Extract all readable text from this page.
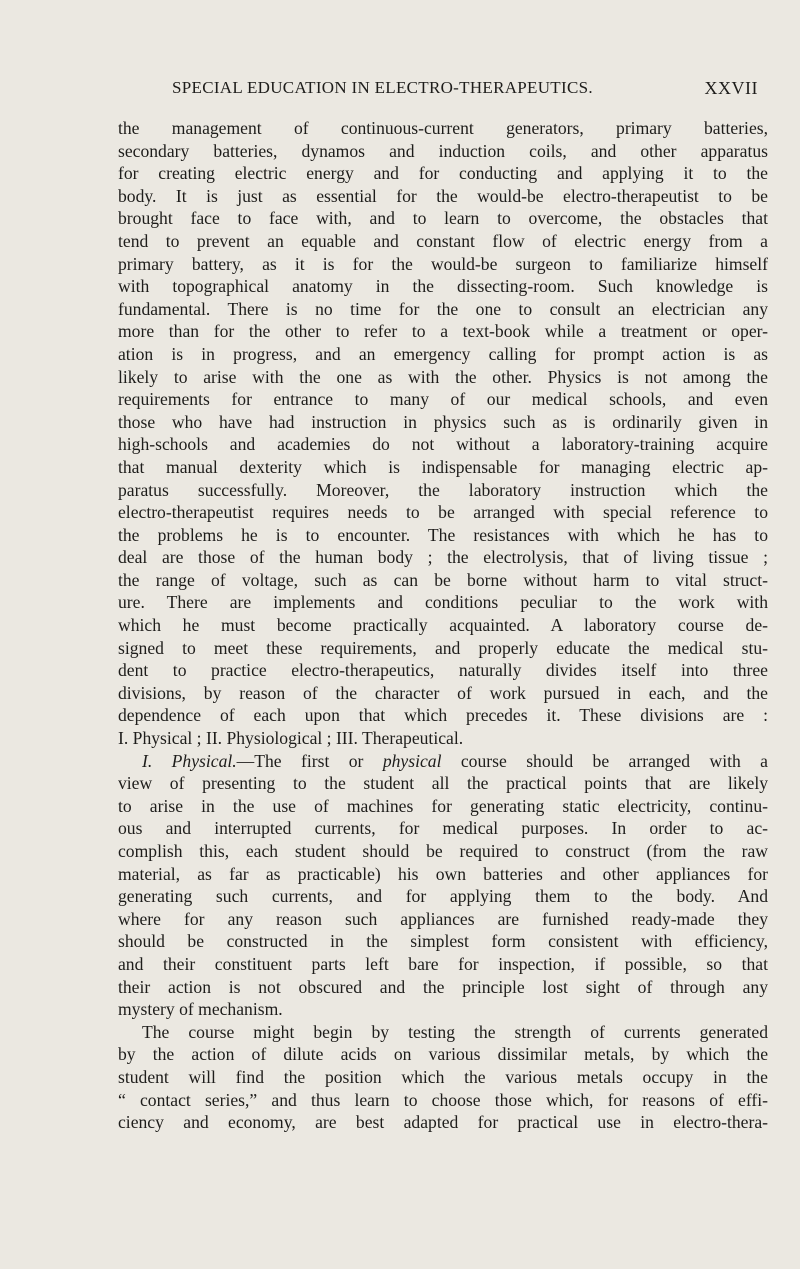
SPECIAL EDUCATION IN ELECTRO-THERAPEUTICS.	XXVII
the management of continuous-current generators, primary batteries,
secondary batteries, dynamos and induction coils, and other apparatus
for creating electric energy and for conducting and applying it to the
body. It is just as essential for the would-be electro-therapeutist to be
brought face to face with, and to learn to overcome, the obstacles that
tend to prevent an equable and constant flow of electric energy from a
primary battery, as it is for the would-be surgeon to familiarize himself
with topographical anatomy in the dissecting-room. Such knowledge is
fundamental. There is no time for the one to consult an electrician any
more than for the other to refer to a text-book while a treatment or oper-
ation is in progress, and an emergency calling for prompt action is as
likely to arise with the one as with the other. Physics is not among the
requirements for entrance to many of our medical schools, and even
those who have had instruction in physics such as is ordinarily given in
high-schools and academies do not without a laboratory-training acquire
that manual dexterity which is indispensable for managing electric ap-
paratus successfully. Moreover, the laboratory instruction which the
electro-therapeutist requires needs to be arranged with special reference to
the problems he is to encounter. The resistances with which he has to
deal are those of the human body ; the electrolysis, that of living tissue ;
the range of voltage, such as can be borne without harm to vital struct-
ure. There are implements and conditions peculiar to the work with
which he must become practically acquainted. A laboratory course de-
signed to meet these requirements, and properly educate the medical stu-
dent to practice electro-therapeutics, naturally divides itself into three
divisions, by reason of the character of work pursued in each, and the
dependence of each upon that which precedes it. These divisions are :
I. Physical ; II. Physiological ; III. Therapeutical.
I. Physical.—The first or physical course should be arranged with a
view of presenting to the student all the practical points that are likely
to arise in the use of machines for generating static electricity, continu-
ous and interrupted currents, for medical purposes. In order to ac-
complish this, each student should be required to construct (from the raw
material, as far as practicable) his own batteries and other appliances for
generating such currents, and for applying them to the body. And
where for any reason such appliances are furnished ready-made they
should be constructed in the simplest form consistent with efficiency,
and their constituent parts left bare for inspection, if possible, so that
their action is not obscured and the principle lost sight of through any
mystery of mechanism.
The course might begin by testing the strength of currents generated
by the action of dilute acids on various dissimilar metals, by which the
student will find the position which the various metals occupy in the
“ contact series,” and thus learn to choose those which, for reasons of effi-
ciency and economy, are best adapted for practical use in electro-thera-
